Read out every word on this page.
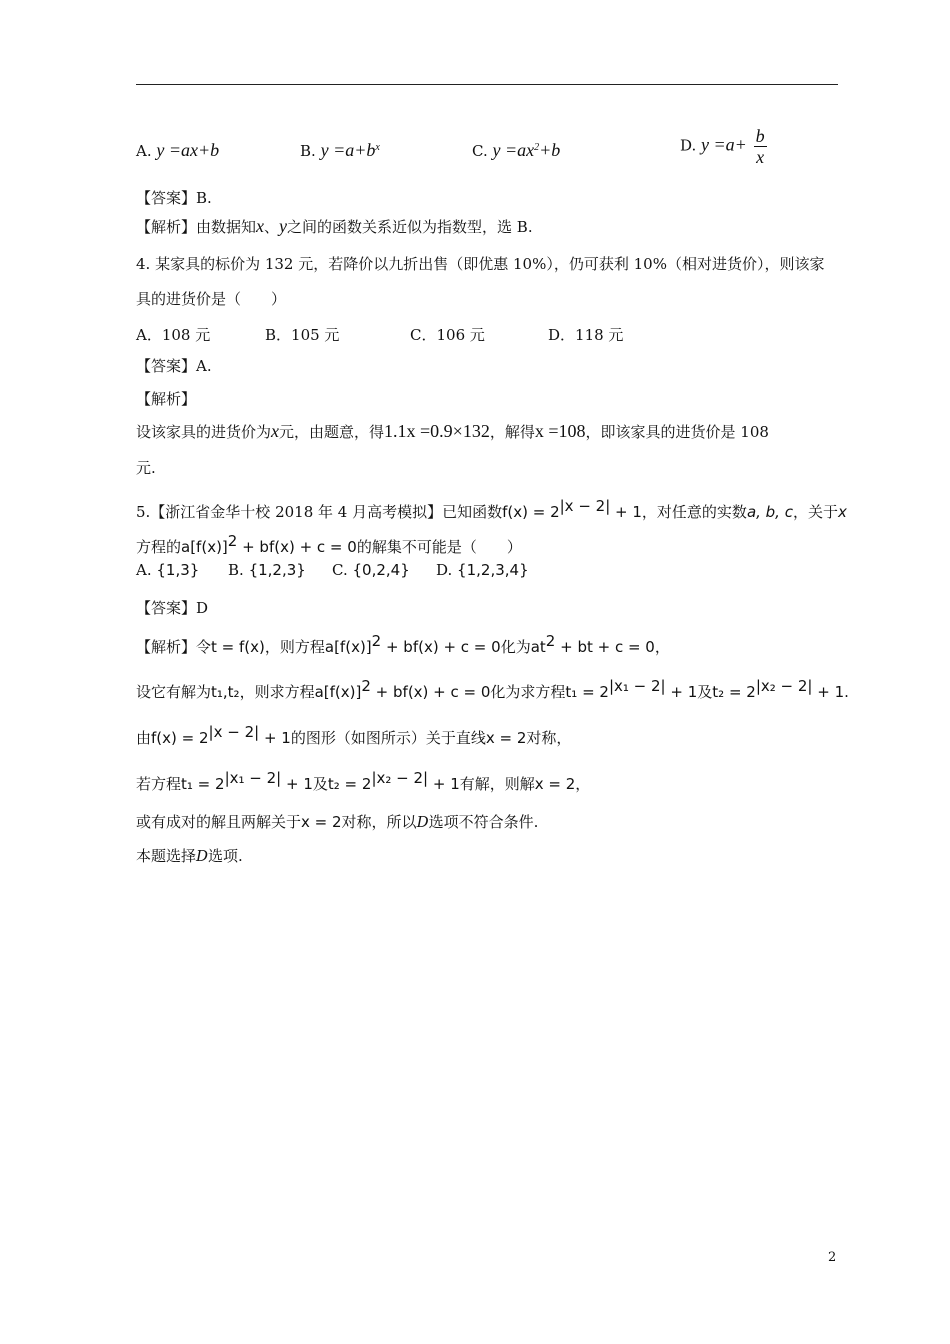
A. y =ax+b	B. $y =a+b^x$	C. $y =ax^2+b$	D. $y =a+ \frac{b}{x}$
【答案】B.
【解析】由数据知x、y之间的函数关系近似为指数型，选 B.
4. 某家具的标价为 132 元，若降价以九折出售（即优惠 10%），仍可获利 10%（相对进货价），则该家
具的进货价是（　　）
A．108 元	B．105 元	C．106 元	D．118 元
【答案】A.
【解析】
设该家具的进货价为x元，由题意，得1.1x =0.9×132，解得x =108，即该家具的进货价是 108
元.
5.【浙江省金华十校 2018 年 4 月高考模拟】已知函数$f(x) = 2^{|x - 2|} + 1$，对任意的实数a, b, c，关于x
方程的$a[f(x)]^2 + bf(x) + c = 0$的解集不可能是（　　）
A. {1,3} B. {1,2,3} C. {0,2,4} D. {1,2,3,4}
【答案】D
【解析】令t = f(x)，则方程$a[f(x)]^2 + bf(x) + c = 0$化为$at^2$ + bt + c = 0，
设它有解为t₁,t₂，则求方程$a[f(x)]^2 + bf(x) + c = 0$化为求方程$t_1 = 2^{|x_1 - 2|} + 1$及$t_2 = 2^{|x_2 - 2|} + 1$.
由$f(x) = 2^{|x - 2|} + 1$的图形（如图所示）关于直线x = 2对称，
若方程$t_1 = 2^{|x_1 - 2|} + 1$及$t_2 = 2^{|x_2 - 2|} + 1$有解，则解x = 2，
或有成对的解且两解关于x = 2对称，所以D选项不符合条件.
本题选择D选项.
2
